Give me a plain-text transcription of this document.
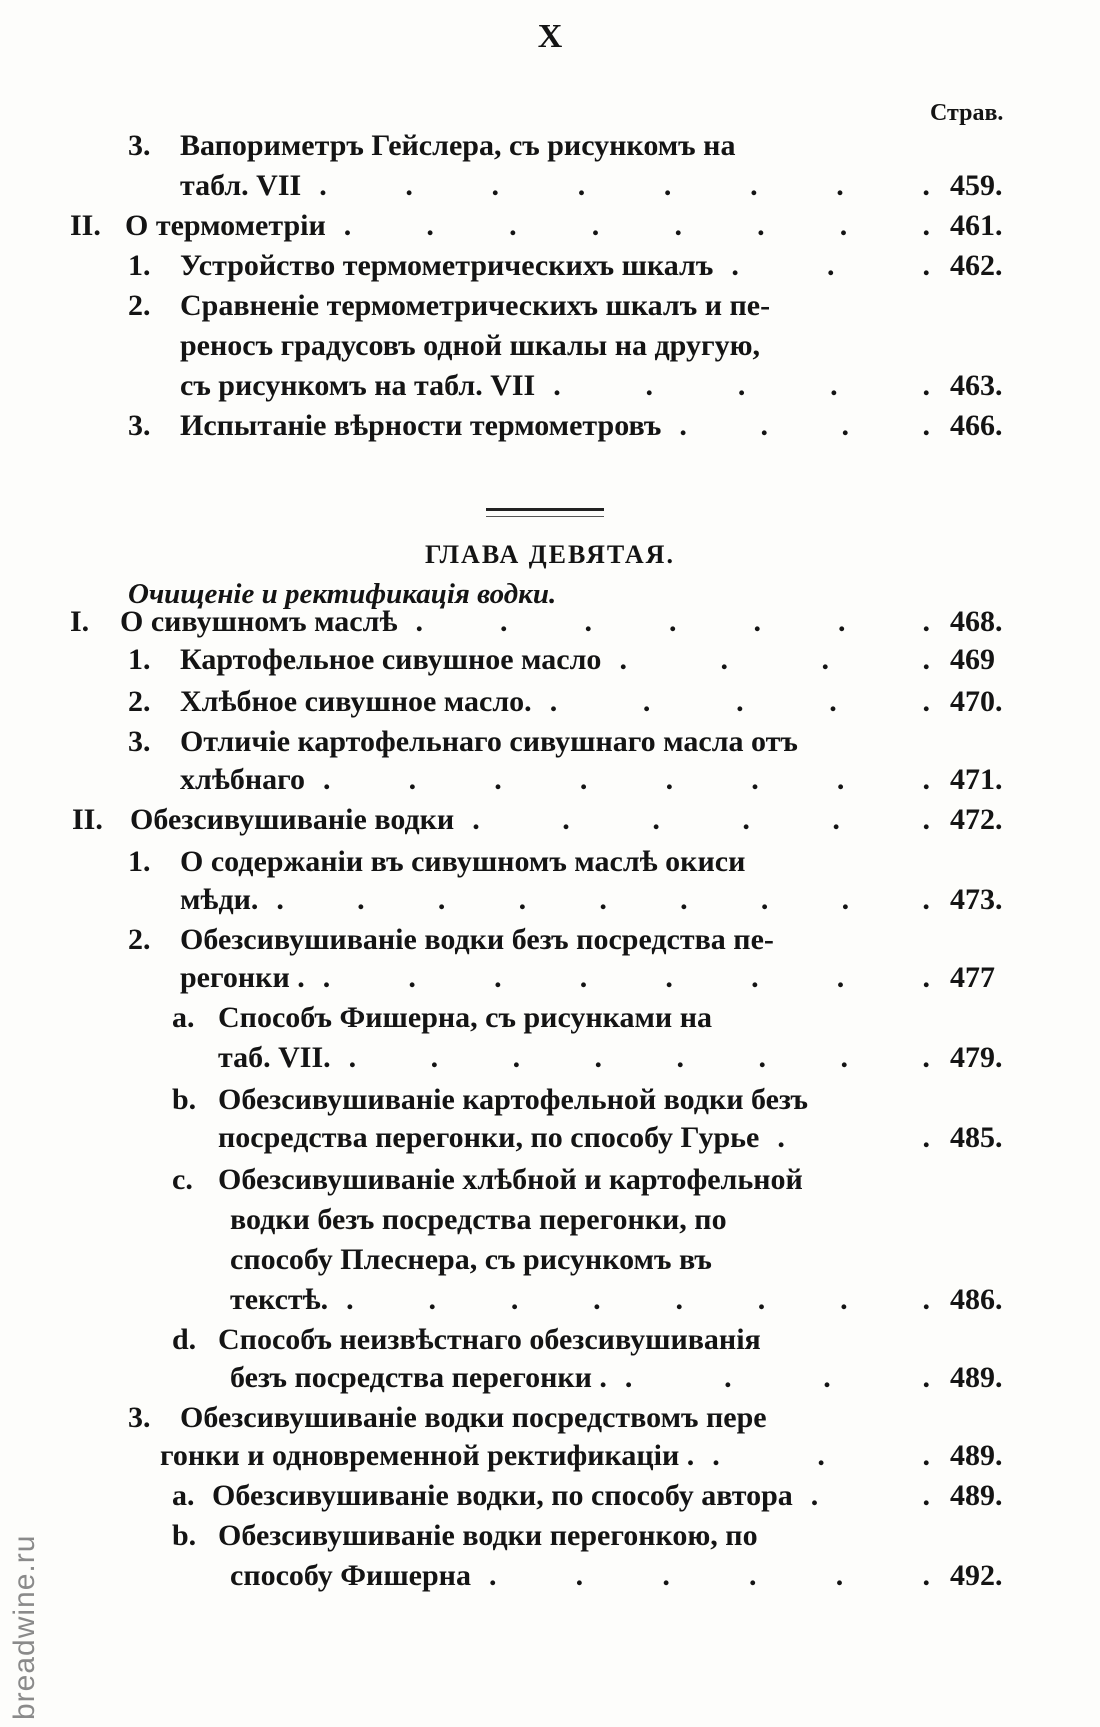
X
Страв.
3. Вапориметръ Гейслера, съ рисункомъ на
табл. VII	459.
.	.	.	.	.	.	.	.
II. О термометріи	461.
.	.	.	.	.	.	.	.
1. Устройство термометрическихъ шкалъ	462.
.	.	.
2. Сравненіе термометрическихъ шкалъ и пе-
реносъ градусовъ одной шкалы на другую,
съ рисункомъ на табл. VII	463.
.	.	.	.	.
3. Испытаніе вѣрности термометровъ	466.
. . . .
ГЛАВА ДЕВЯТАЯ.
Очищеніе и ректификація водки.
I. О сивушномъ маслѣ	468.
.	.	.	.	.	.	.
1. Картофельное сивушное масло	469
.	.	.	.
2. Хлѣбное сивушное масло.	470.
.	.	.	.	.
3. Отличіе картофельнаго сивушнаго масла отъ
хлѣбнаго	471.
.	.	.	.	.	.	.	.
II. Обезсивушиваніе водки	472.
.	.	.	.	.	.
1. О содержаніи въ сивушномъ маслѣ окиси
мѣди.	473.
. . . . . . . . .
2. Обезсивушиваніе водки безъ посредства пе-
регонки .	477
.	.	.	.	.	.	.	.
a. Способъ Фишерна, съ рисунками на
таб. VII.	479.
. . . . . . . .
b. Обезсивушиваніе картофельной водки безъ
посредства перегонки, по способу Гурье	485.
.	.
c. Обезсивушиваніе хлѣбной и картофельной
водки безъ посредства перегонки, по
способу Плеснера, съ рисункомъ въ
текстѣ.	486.
. . . . . . . .
d. Способъ неизвѣстнаго обезсивушиванія
безъ посредства перегонки .	489.
.	.	.	.
3. Обезсивушиваніе водки посредствомъ пере
гонки и одновременной ректификаціи .	489.
.	.	.
a. Обезсивушиваніе водки, по способу автора	489.
.	.
b. Обезсивушиваніе водки перегонкою, по
способу Фишерна	492.
.	.	.	.	.	.
breadwine.ru
